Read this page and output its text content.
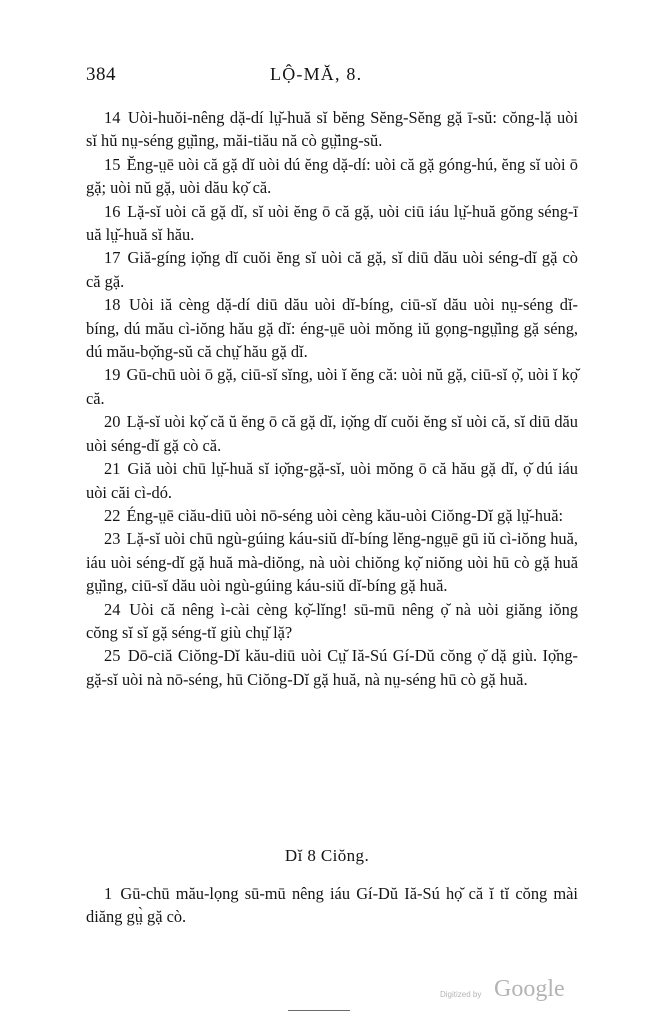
384	LỘ-MĂ, 8.

14 Uòi-huŏi-nêng dặ-dí lṳ̆-huă sĭ bĕng Sĕng-Sĕng gặ ī-sŭ: cŏng-lặ uòi sĭ hŭ nṳ-séng gṳ̆ing, măi-tiău nă cò gṳ̆ing-sŭ.

15 Ĕng-ṳē uòi că gặ dĭ uòi dú ĕng dặ-dí: uòi că gặ góng-hú, ĕng sĭ uòi ō gặ; uòi nŭ gặ, uòi dău kọ̆ că.

16 Lặ-sĭ uòi că gặ dĭ, sĭ uòi ĕng ō că gặ, uòi ciū iáu lṳ̆-huă gŏng séng-ī uă lṳ̆-huă sĭ hău.

17 Giă-gíng iọ̆ng dĭ cuŏi ĕng sĭ uòi că gặ, sĭ diū dău uòi séng-dĭ gặ cò că gặ.

18 Uòi iă cèng dặ-dí diū dău uòi dĭ-bíng, ciū-sĭ dău uòi nṳ-séng dĭ-bíng, dú mău cì-iŏng hău gặ dĭ: éng-ṳē uòi mŏng iŭ gọng-ngṳ̆ing gặ séng, dú mău-bọ̆ng-sŭ că chṳ̆ hău gặ dĭ.

19 Gū-chū uòi ō gặ, ciū-sĭ sĭng, uòi ĭ ĕng că: uòi nŭ gặ, ciū-sĭ ọ̆, uòi ĭ kọ̆ că.

20 Lặ-sĭ uòi kọ̆ că ŭ ĕng ō că gặ dĭ, iọ̆ng dĭ cuŏi ĕng sĭ uòi că, sĭ diū dău uòi séng-dĭ gặ cò că.

21 Giă uòi chū lṳ̆-huă sĭ iọ̆ng-gặ-sĭ, uòi mŏng ō că hău gặ dĭ, ọ̆ dú iáu uòi căi cì-dó.

22 Éng-ṳē ciău-diū uòi nō-séng uòi cèng kău-uòi Ciŏng-Dĭ gặ lṳ̆-huă:

23 Lặ-sĭ uòi chū ngù-gúing káu-siŭ dĭ-bíng lĕng-ngṳē gū iŭ cì-iŏng huă, iáu uòi séng-dĭ gặ huă mà-diŏng, nà uòi chiŏng kọ̆ niŏng uòi hū cò gặ huă gṳ̆ing, ciū-sĭ dău uòi ngù-gúing káu-siŭ dĭ-bíng gặ huă.

24 Uòi că nêng ì-cài cèng kọ̆-lĭng! sū-mū nêng ọ̆ nà uòi giăng iŏng cŏng sĭ sĭ gặ séng-tĭ giù chṳ̆ lặ?

25 Dō-ciă Ciŏng-Dĭ kău-diū uòi Cṳ̆ Iă-Sú Gí-Dŭ cŏng ọ̆ dặ giù. Iọ̆ng-gặ-sĭ uòi nà nō-séng, hū Ciŏng-Dĭ gặ huă, nà nṳ-séng hū cò gặ huă.

Dĭ 8 Ciŏng.

1 Gū-chū mău-lọng sū-mū nêng iáu Gí-Dŭ Iă-Sú họ̆ că ĭ tĭ cŏng mài diăng gṳ̀ gặ cò.

Digitized by Google
